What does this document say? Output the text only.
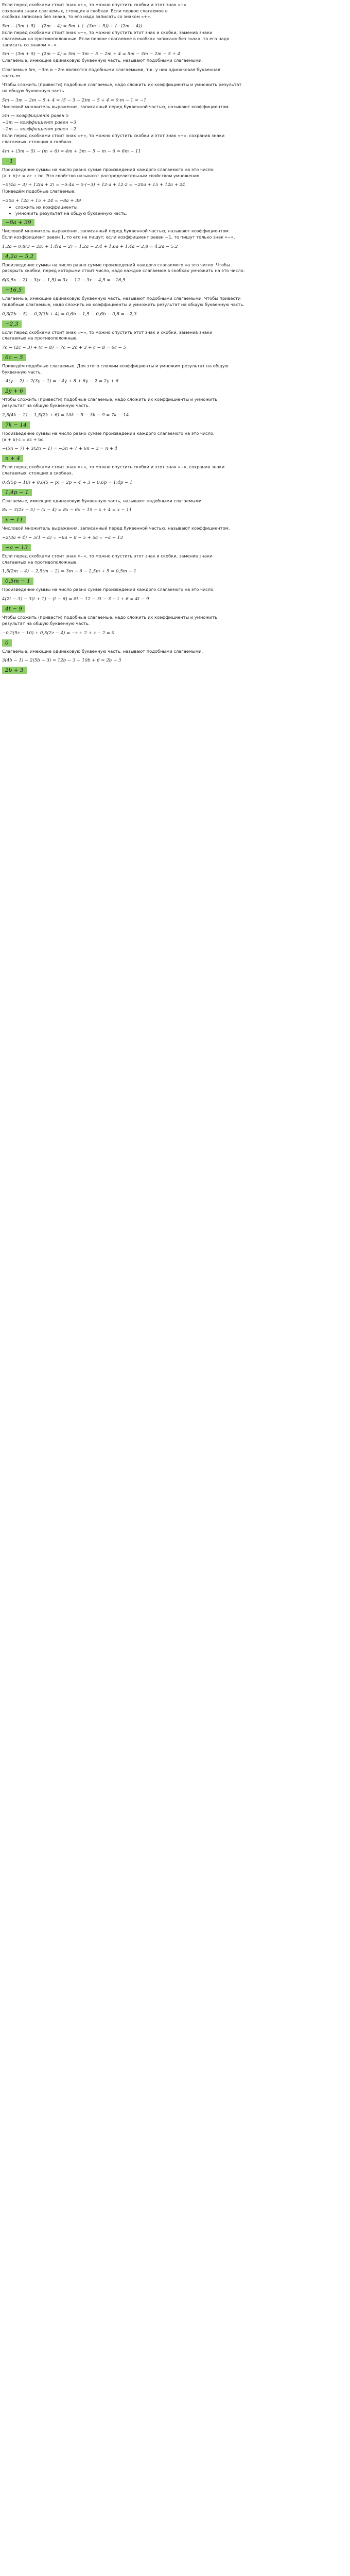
Если перед скобками стоит знак «+», то можно опустить скобки и этот знак «+»

сохранив знаки слагаемых, стоящих в скобках. Если первое слагаемое в

скобках записано без знака, то его надо записать со знаком «+».

5m − (3m + 5) − (2m − 4) = 5m + (−(3m + 5)) + (−(2m − 4))

Если перед скобками стоит знак «−», то можно опустить этот знак и скобки, заменив знаки

слагаемых на противоположные. Если первое слагаемое в скобках записано без знака, то его надо

записать со знаком «−».

5m − (3m + 5) − (2m − 4) = 5m − 3m − 5 − 2m + 4 = 5m − 3m − 2m − 5 + 4

Слагаемые, имеющие одинаковую буквенную часть, называют подобными слагаемыми.

Слагаемые 5m, −3m и −2m являются подобными слагаемыми, т.к. у них одинаковая буквенная

часть m.

Чтобы сложить (привести) подобные слагаемые, надо сложить их коэффициенты и умножить результат

на общую буквенную часть.

5m − 3m − 2m − 5 + 4 = (5 − 3 − 2)m − 5 + 4 = 0·m − 1 = −1

Числовой множитель выражения, записанный перед буквенной частью, называют коэффициентом.

5m — коэффициент равен 5
−3m — коэффициент равен −3
−2m — коэффициент равен −2

Если перед скобками стоит знак «+», то можно опустить скобки и этот знак «+», сохранив знаки

слагаемых, стоящих в скобках.

4m + (3m − 5) − (m + 6) = 4m + 3m − 5 − m − 6 = 6m − 11
−1

Произведение суммы на число равно сумме произведений каждого слагаемого на это число:

(a + b)·c = ac + bc. Это свойство называют распределительным свойством умножения.

−5(4a − 3) + 12(a + 2) = −5·4a − 5·(−3) + 12·a + 12·2 = −20a + 15 + 12a + 24

Приведём подобные слагаемые:

−20a + 12a + 15 + 24 = −8a + 39
• сложить их коэффициенты;
• умножить результат на общую буквенную часть.
−8a + 39

Числовой множитель выражения, записанный перед буквенной частью, называют коэффициентом.

Если коэффициент равен 1, то его не пишут; если коэффициент равен −1, то пишут только знак «−».

1,2a − 0,8(3 − 2a) + 1,4(a − 2) = 1,2a − 2,4 + 1,6a + 1,4a − 2,8 = 4,2a − 5,2
4,2a − 5,2

Произведение суммы на число равно сумме произведений каждого слагаемого на это число. Чтобы

раскрыть скобки, перед которыми стоит число, надо каждое слагаемое в скобках умножить на это число.

6(0,5x − 2) − 3(x + 1,5) = 3x − 12 − 3x − 4,5 = −16,5
−16,5

Слагаемые, имеющие одинаковую буквенную часть, называют подобными слагаемыми. Чтобы привести

подобные слагаемые, надо сложить их коэффициенты и умножить результат на общую буквенную часть.

0,3(2b − 5) − 0,2(3b + 4) = 0,6b − 1,5 − 0,6b − 0,8 = −2,3
−2,3

Если перед скобками стоит знак «−», то можно опустить этот знак и скобки, заменив знаки

слагаемых на противоположные.

7c − (2c − 3) + (c − 8) = 7c − 2c + 3 + c − 8 = 6c − 5
6c − 5

Приведём подобные слагаемые. Для этого сложим коэффициенты и умножим результат на общую

буквенную часть.

−4(y − 2) + 2(3y − 1) = −4y + 8 + 6y − 2 = 2y + 6
2y + 6

Чтобы сложить (привести) подобные слагаемые, надо сложить их коэффициенты и умножить

результат на общую буквенную часть.

2,5(4k − 2) − 1,5(2k + 6) = 10k − 5 − 3k − 9 = 7k − 14
7k − 14

Произведение суммы на число равно сумме произведений каждого слагаемого на это число:

(a + b)·c = ac + bc.

−(5n − 7) + 3(2n − 1) = −5n + 7 + 6n − 3 = n + 4
n + 4

Если перед скобками стоит знак «+», то можно опустить скобки и этот знак «+», сохранив знаки

слагаемых, стоящих в скобках.

0,4(5p − 10) + 0,6(5 − p) = 2p − 4 + 3 − 0,6p = 1,4p − 1
1,4p − 1

Слагаемые, имеющие одинаковую буквенную часть, называют подобными слагаемыми.

8x − 3(2x + 5) − (x − 4) = 8x − 6x − 15 − x + 4 = x − 11
x − 11

Числовой множитель выражения, записанный перед буквенной частью, называют коэффициентом.

−2(3a + 4) − 5(1 − a) = −6a − 8 − 5 + 5a = −a − 13
−a − 13

Если перед скобками стоит знак «−», то можно опустить этот знак и скобки, заменив знаки

слагаемых на противоположные.

1,5(2m − 4) − 2,5(m − 2) = 3m − 6 − 2,5m + 5 = 0,5m − 1
0,5m − 1

Произведение суммы на число равно сумме произведений каждого слагаемого на это число.

4(2t − 3) − 3(t + 1) − (t − 6) = 8t − 12 − 3t − 3 − t + 6 = 4t − 9
4t − 9

Чтобы сложить (привести) подобные слагаемые, надо сложить их коэффициенты и умножить

результат на общую буквенную часть.

−0,2(5z − 10) + 0,5(2z − 4) = −z + 2 + z − 2 = 0
0

Слагаемые, имеющие одинаковую буквенную часть, называют подобными слагаемыми.

3(4b − 1) − 2(5b − 3) = 12b − 3 − 10b + 6 = 2b + 3
2b + 3
